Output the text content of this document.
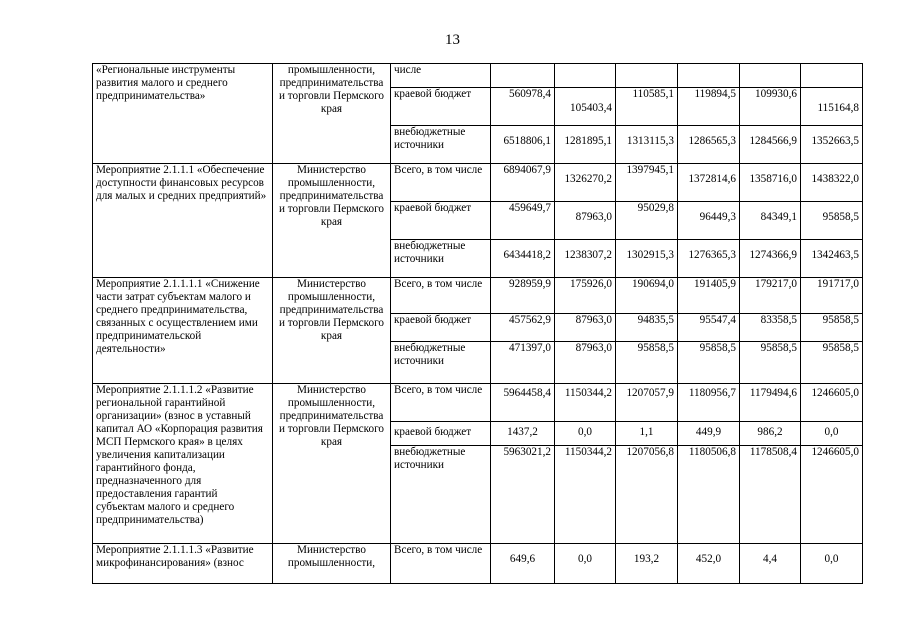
13
«Региональные инструменты развития малого и среднего предпринимательства»	промышленности, предпринимательства и торговли Пермского края	числе						
		краевой бюджет	560978,4	105403,4	110585,1	119894,5	109930,6	115164,8

		внебюджетные источники	6518806,1	1281895,1	1313115,3	1286565,3	1284566,9	1352663,5

Мероприятие 2.1.1.1 «Обеспечение доступности финансовых ресурсов для малых и средних предприятий»	Министерство промышленности, предпринимательства и торговли Пермского края	Всего, в том числе	6894067,9	1326270,2	1397945,1	1372814,6	1358716,0	1438322,0

		краевой бюджет	459649,7	87963,0	95029,8	96449,3	84349,1	95858,5

		внебюджетные источники	6434418,2	1238307,2	1302915,3	1276365,3	1274366,9	1342463,5

Мероприятие 2.1.1.1.1 «Снижение части затрат субъектам малого и среднего предпринимательства, связанных с осуществлением ими предпринимательской деятельности»	Министерство промышленности, предпринимательства и торговли Пермского края	Всего, в том числе	928959,9	175926,0	190694,0	191405,9	179217,0	191717,0

		краевой бюджет	457562,9	87963,0	94835,5	95547,4	83358,5	95858,5

		внебюджетные источники	471397,0	87963,0	95858,5	95858,5	95858,5	95858,5

Мероприятие 2.1.1.1.2 «Развитие региональной гарантийной организации» (взнос в уставный капитал АО «Корпорация развития МСП Пермского края» в целях увеличения капитализации гарантийного фонда, предназначенного для предоставления гарантий субъектам малого и среднего предпринимательства)	Министерство промышленности, предпринимательства и торговли Пермского края	Всего, в том числе	5964458,4	1150344,2	1207057,9	1180956,7	1179494,6	1246605,0

		краевой бюджет	1437,2	0,0	1,1	449,9	986,2	0,0

		внебюджетные источники	5963021,2	1150344,2	1207056,8	1180506,8	1178508,4	1246605,0

Мероприятие 2.1.1.1.3 «Развитие микрофинансирования» (взнос	Министерство промышленности,	Всего, в том числе	649,6	0,0	193,2	452,0	4,4	0,0
